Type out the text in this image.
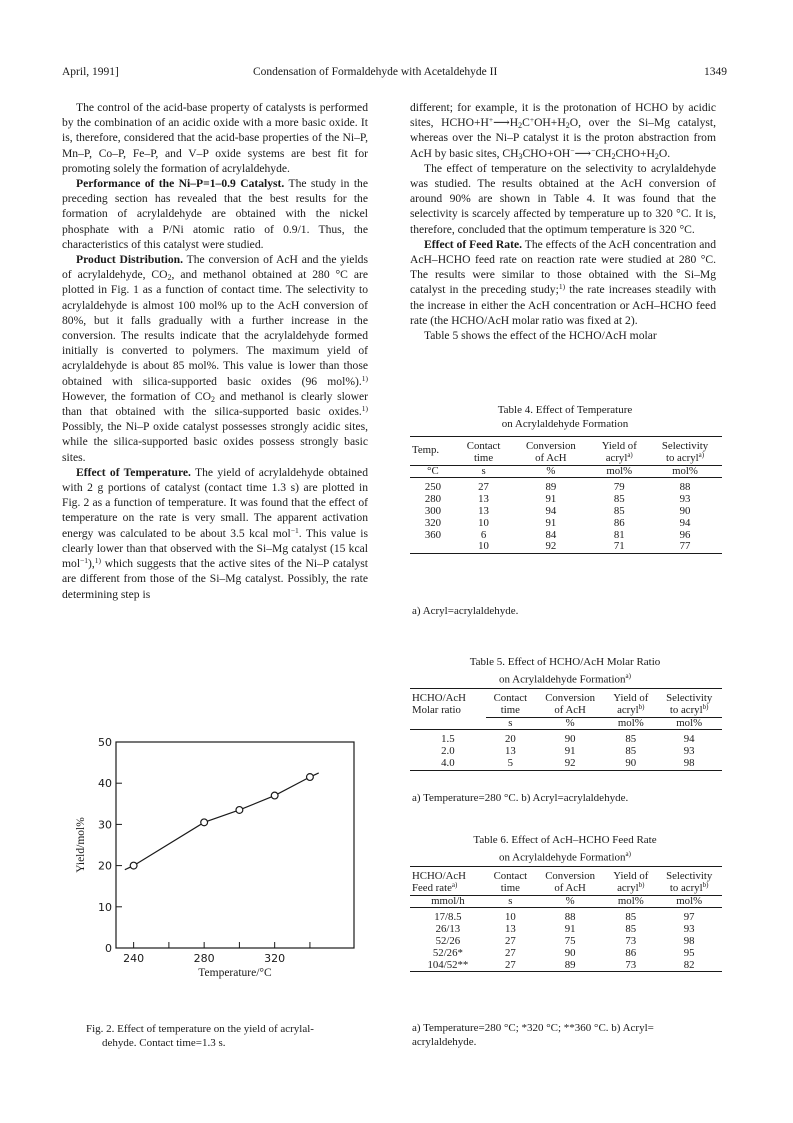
April, 1991]	Condensation of Formaldehyde with Acetaldehyde II	1349

The control of the acid-base property of catalysts is performed by the combination of an acidic oxide with a more basic oxide. It is, therefore, considered that the acid-base properties of the Ni–P, Mn–P, Co–P, Fe–P, and V–P oxide systems are best fit for promoting solely the formation of acrylaldehyde.

Performance of the Ni–P=1–0.9 Catalyst. The study in the preceding section has revealed that the best results for the formation of acrylaldehyde are obtained with the nickel phosphate with a P/Ni atomic ratio of 0.9/1. Thus, the characteristics of this catalyst were studied.

Product Distribution. The conversion of AcH and the yields of acrylaldehyde, $CO_2$, and methanol obtained at 280 °C are plotted in Fig. 1 as a function of contact time. The selectivity to acrylaldehyde is almost 100 mol% up to the AcH conversion of 80%, but it falls gradually with a further increase in the conversion. The results indicate that the acrylaldehyde formed initially is converted to polymers. The maximum yield of acrylaldehyde is about 85 mol%. This value is lower than those obtained with silica-supported basic oxides (96 mol%).$^{1)}$ However, the formation of $CO_2$ and methanol is clearly slower than that obtained with the silica-supported basic oxides.$^{1)}$ Possibly, the Ni–P oxide catalyst possesses strongly acidic sites, while the silica-supported basic oxides possess strongly basic sites.

Effect of Temperature. The yield of acrylaldehyde obtained with 2 g portions of catalyst (contact time 1.3 s) are plotted in Fig. 2 as a function of temperature. It was found that the effect of temperature on the rate is very small. The apparent activation energy was calculated to be about 3.5 kcal mol$^{-1}$. This value is clearly lower than that observed with the Si–Mg catalyst (15 kcal mol$^{-1}$),$^{1)}$ which suggests that the active sites of the Ni–P catalyst are different from those of the Si–Mg catalyst. Possibly, the rate determining step is

different; for example, it is the protonation of HCHO by acidic sites, $HCHO+H^+⟶H_2C^+OH+H_2O$, over the Si–Mg catalyst, whereas over the Ni–P catalyst it is the proton abstraction from AcH by basic sites, $CH_3CHO+OH^-⟶^-CH_2CHO+H_2O$.

The effect of temperature on the selectivity to acrylaldehyde was studied. The results obtained at the AcH conversion of around 90% are shown in Table 4. It was found that the selectivity is scarcely affected by temperature up to 320 °C. It is, therefore, concluded that the optimum temperature is 320 °C.

Effect of Feed Rate. The effects of the AcH concentration and AcH–HCHO feed rate on reaction rate were studied at 280 °C. The results were similar to those obtained with the Si–Mg catalyst in the preceding study;$^{1)}$ the rate increases steadily with the increase in either the AcH concentration or AcH–HCHO feed rate (the HCHO/AcH molar ratio was fixed at 2).

Table 5 shows the effect of the HCHO/AcH molar

Table 4. Effect of Temperature
on Acrylaldehyde Formation
Temp.	Contact	Conversion	Yield of	Selectivity
	time	of AcH	acryl$^{a)}$	to acryl$^{a)}$
°C	s	%	mol%	mol%
250	27	89	79	88
280	13	91	85	93
300	13	94	85	90
320	10	91	86	94
360	6	84	81	96
	10	92	71	77
a) Acryl=acrylaldehyde.
Table 5. Effect of HCHO/AcH Molar Ratio
on Acrylaldehyde Formation$^{a)}$
HCHO/AcH	Contact	Conversion	Yield of	Selectivity
Molar ratio	time	of AcH	acryl$^{b)}$	to acryl$^{b)}$
	s	%	mol%	mol%
1.5	20	90	85	94
2.0	13	91	85	93
4.0	5	92	90	98
a) Temperature=280 °C. b) Acryl=acrylaldehyde.
Table 6. Effect of AcH–HCHO Feed Rate
on Acrylaldehyde Formation$^{a)}$
HCHO/AcH	Contact	Conversion	Yield of	Selectivity
Feed rate$^{a)}$	time	of AcH	acryl$^{b)}$	to acryl$^{b)}$
mmol/h	s	%	mol%	mol%
17/8.5	10	88	85	97
26/13	13	91	85	93
52/26	27	75	73	98
52/26*	27	90	86	95
104/52**	27	89	73	82
a) Temperature=280 °C; *320 °C; **360 °C. b) Acryl=
acrylaldehyde.
0
10
20
30
40
50
240	280	320
Temperature/°C
Yield/mol%
Fig. 2. Effect of temperature on the yield of acrylal-
dehyde. Contact time=1.3 s.
